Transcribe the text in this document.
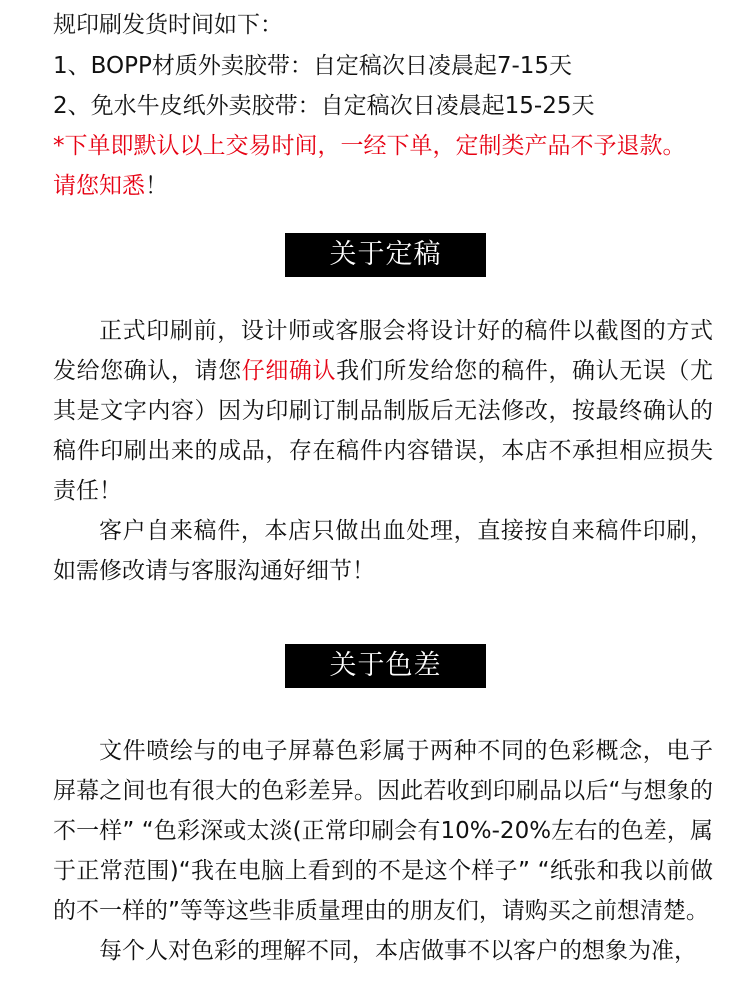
规印刷发货时间如下：
1、BOPP材质外卖胶带：自定稿次日凌晨起7-15天
2、免水牛皮纸外卖胶带：自定稿次日凌晨起15-25天
*下单即默认以上交易时间，一经下单，定制类产品不予退款。
请您知悉！
关于定稿

正式印刷前，设计师或客服会将设计好的稿件以截图的方式发给您确认，请您仔细确认我们所发给您的稿件，确认无误（尤其是文字内容）因为印刷订制品制版后无法修改，按最终确认的稿件印刷出来的成品，存在稿件内容错误，本店不承担相应损失责任！

客户自来稿件，本店只做出血处理，直接按自来稿件印刷，如需修改请与客服沟通好细节！

关于色差

文件喷绘与的电子屏幕色彩属于两种不同的色彩概念，电子屏幕之间也有很大的色彩差异。因此若收到印刷品以后“与想象的不一样” “色彩深或太淡(正常印刷会有10%-20%左右的色差，属于正常范围)“我在电脑上看到的不是这个样子” “纸张和我以前做的不一样的”等等这些非质量理由的朋友们，请购买之前想清楚。

每个人对色彩的理解不同，本店做事不以客户的想象为准，
